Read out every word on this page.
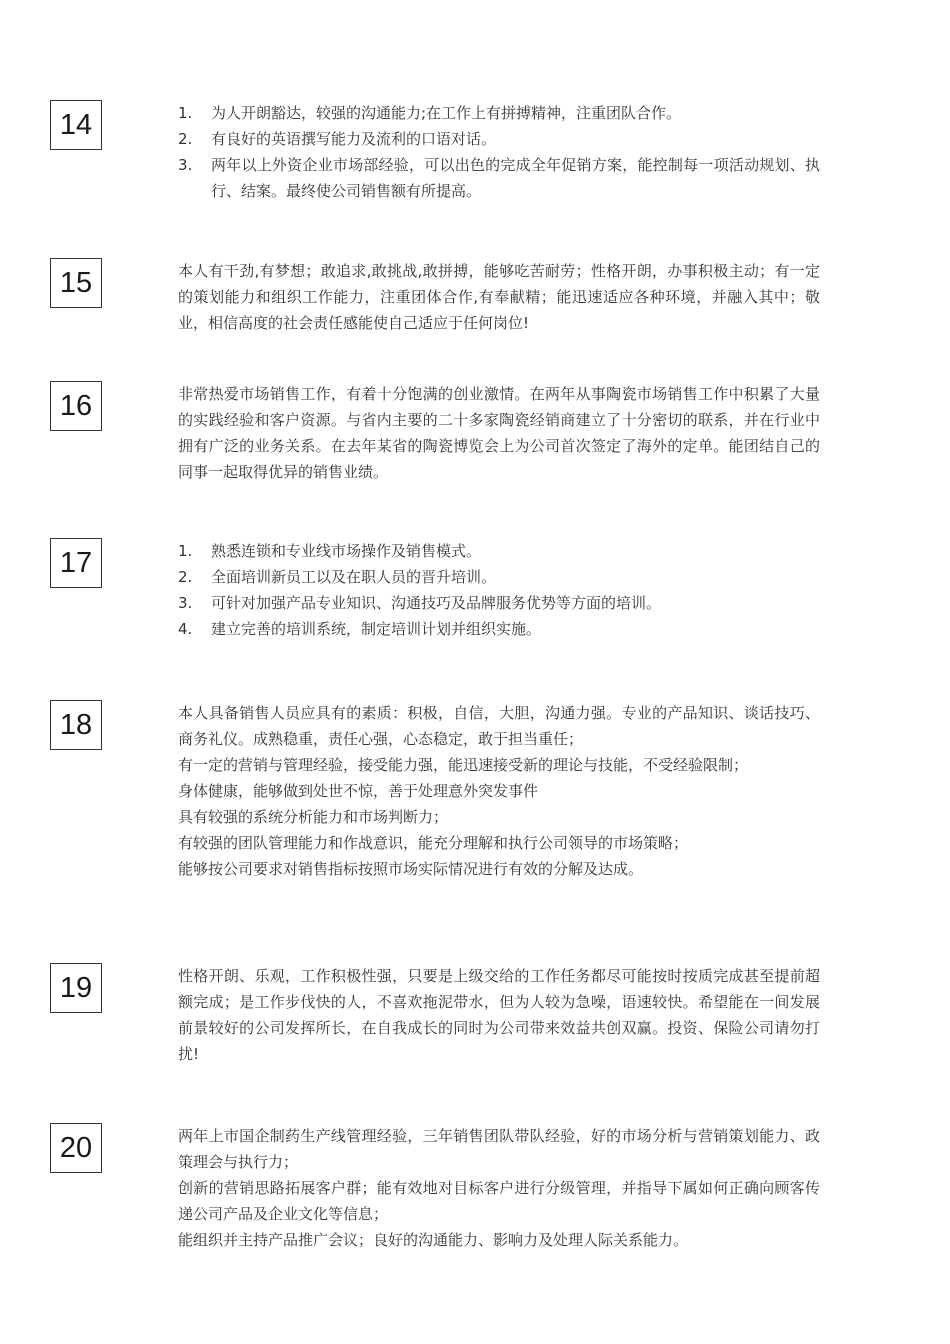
14	1. 为人开朗豁达，较强的沟通能力;在工作上有拼搏精神，注重团队合作。
2. 有良好的英语撰写能力及流利的口语对话。
3. 两年以上外资企业市场部经验，可以出色的完成全年促销方案，能控制每一项活动规划、执行、结案。最终使公司销售额有所提高。
15	本人有干劲,有梦想；敢追求,敢挑战,敢拼搏，能够吃苦耐劳；性格开朗，办事积极主动；有一定的策划能力和组织工作能力，注重团体合作,有奉献精；能迅速适应各种环境，并融入其中；敬业，相信高度的社会责任感能使自己适应于任何岗位!

16	非常热爱市场销售工作，有着十分饱满的创业激情。在两年从事陶瓷市场销售工作中积累了大量的实践经验和客户资源。与省内主要的二十多家陶瓷经销商建立了十分密切的联系，并在行业中拥有广泛的业务关系。在去年某省的陶瓷博览会上为公司首次签定了海外的定单。能团结自己的同事一起取得优异的销售业绩。

17	1. 熟悉连锁和专业线市场操作及销售模式。
2. 全面培训新员工以及在职人员的晋升培训。
3. 可针对加强产品专业知识、沟通技巧及品牌服务优势等方面的培训。
4. 建立完善的培训系统，制定培训计划并组织实施。
18	本人具备销售人员应具有的素质：积极，自信，大胆，沟通力强。专业的产品知识、谈话技巧、商务礼仪。成熟稳重，责任心强，心态稳定，敢于担当重任；

有一定的营销与管理经验，接受能力强，能迅速接受新的理论与技能，不受经验限制；

身体健康，能够做到处世不惊，善于处理意外突发事件

具有较强的系统分析能力和市场判断力；

有较强的团队管理能力和作战意识，能充分理解和执行公司领导的市场策略；

能够按公司要求对销售指标按照市场实际情况进行有效的分解及达成。

19	性格开朗、乐观，工作积极性强，只要是上级交给的工作任务都尽可能按时按质完成甚至提前超额完成；是工作步伐快的人，不喜欢拖泥带水，但为人较为急噪，语速较快。希望能在一间发展前景较好的公司发挥所长，在自我成长的同时为公司带来效益共创双赢。投资、保险公司请勿打扰!

20	两年上市国企制药生产线管理经验，三年销售团队带队经验，好的市场分析与营销策划能力、政策理会与执行力；

创新的营销思路拓展客户群；能有效地对目标客户进行分级管理，并指导下属如何正确向顾客传递公司产品及企业文化等信息；

能组织并主持产品推广会议；良好的沟通能力、影响力及处理人际关系能力。
